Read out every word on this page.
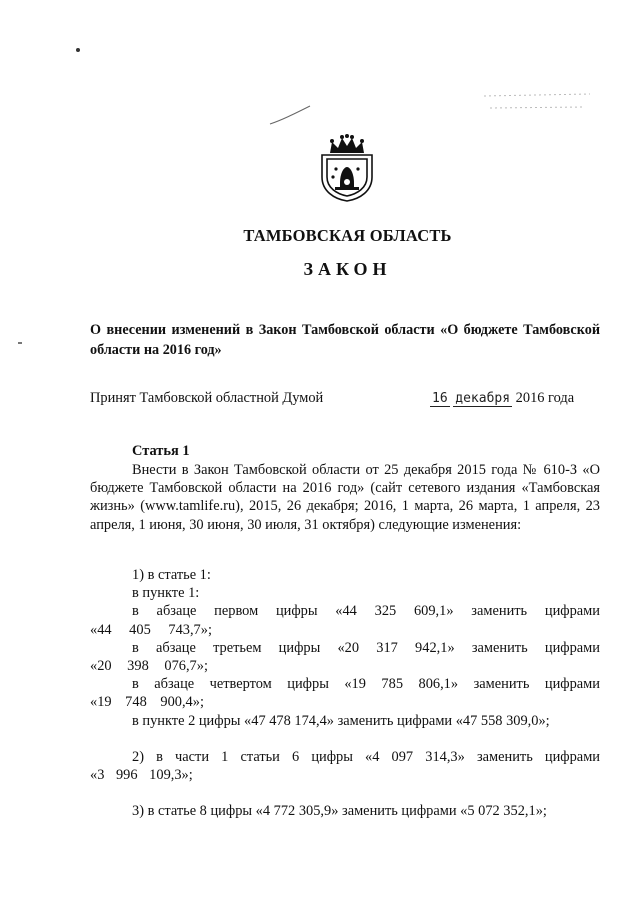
ТАМБОВСКАЯ ОБЛАСТЬ
ЗАКОН
О внесении изменений в Закон Тамбовской области «О бюджете Тамбовской области на 2016 год»
Принят Тамбовской областной Думой	16 декабря 2016 года
Статья 1
Внести в Закон Тамбовской области от 25 декабря 2015 года № 610-З «О бюджете Тамбовской области на 2016 год» (сайт сетевого издания «Тамбовская жизнь» (www.tamlife.ru), 2015, 26 декабря; 2016, 1 марта, 26 марта, 1 апреля, 23 апреля, 1 июня, 30 июня, 30 июля, 31 октября) следующие изменения:

1) в статье 1:

в пункте 1:

в абзаце первом цифры «44 325 609,1» заменить цифрами «44 405 743,7»;

в абзаце третьем цифры «20 317 942,1» заменить цифрами «20 398 076,7»;

в абзаце четвертом цифры «19 785 806,1» заменить цифрами «19 748 900,4»;

в пункте 2 цифры «47 478 174,4» заменить цифрами «47 558 309,0»;

2) в части 1 статьи 6 цифры «4 097 314,3» заменить цифрами «3 996 109,3»;

3) в статье 8 цифры «4 772 305,9» заменить цифрами «5 072 352,1»;
